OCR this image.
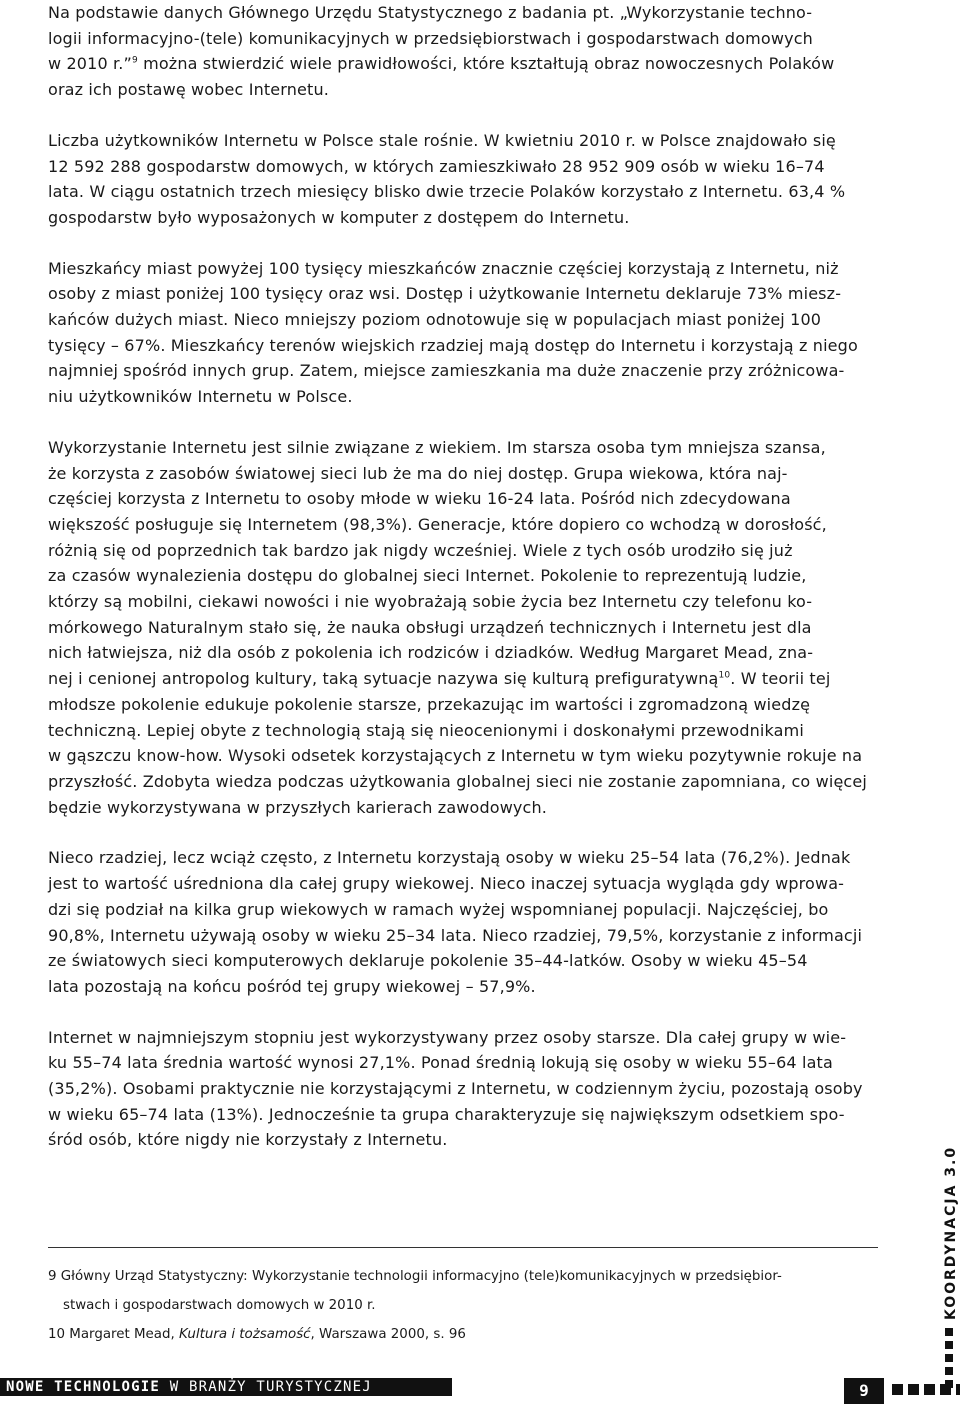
Na podstawie danych Głównego Urzędu Statystycznego z badania pt. „Wykorzystanie techno-
logii informacyjno-(tele) komunikacyjnych w przedsiębiorstwach i gospodarstwach domowych
w 2010 r.”$^9$ można stwierdzić wiele prawidłowości, które kształtują obraz nowoczesnych Polaków
oraz ich postawę wobec Internetu.

Liczba użytkowników Internetu w Polsce stale rośnie. W kwietniu 2010 r. w Polsce znajdowało się
12 592 288 gospodarstw domowych, w których zamieszkiwało 28 952 909 osób w wieku 16–74
lata. W ciągu ostatnich trzech miesięcy blisko dwie trzecie Polaków korzystało z Internetu. 63,4 %
gospodarstw było wyposażonych w komputer z dostępem do Internetu.

Mieszkańcy miast powyżej 100 tysięcy mieszkańców znacznie częściej korzystają z Internetu, niż
osoby z miast poniżej 100 tysięcy oraz wsi. Dostęp i użytkowanie Internetu deklaruje 73% miesz-
kańców dużych miast. Nieco mniejszy poziom odnotowuje się w populacjach miast poniżej 100
tysięcy – 67%. Mieszkańcy terenów wiejskich rzadziej mają dostęp do Internetu i korzystają z niego
najmniej spośród innych grup. Zatem, miejsce zamieszkania ma duże znaczenie przy zróżnicowa-
niu użytkowników Internetu w Polsce.

Wykorzystanie Internetu jest silnie związane z wiekiem. Im starsza osoba tym mniejsza szansa,
że korzysta z zasobów światowej sieci lub że ma do niej dostęp. Grupa wiekowa, która naj-
częściej korzysta z Internetu to osoby młode w wieku 16-24 lata. Pośród nich zdecydowana
większość posługuje się Internetem (98,3%). Generacje, które dopiero co wchodzą w dorosłość,
różnią się od poprzednich tak bardzo jak nigdy wcześniej. Wiele z tych osób urodziło się już
za czasów wynalezienia dostępu do globalnej sieci Internet. Pokolenie to reprezentują ludzie,
którzy są mobilni, ciekawi nowości i nie wyobrażają sobie życia bez Internetu czy telefonu ko-
mórkowego Naturalnym stało się, że nauka obsługi urządzeń technicznych i Internetu jest dla
nich łatwiejsza, niż dla osób z pokolenia ich rodziców i dziadków. Według Margaret Mead, zna-
nej i cenionej antropolog kultury, taką sytuacje nazywa się kulturą prefiguratywną$^{10}$. W teorii tej
młodsze pokolenie edukuje pokolenie starsze, przekazując im wartości i zgromadzoną wiedzę
techniczną. Lepiej obyte z technologią stają się nieocenionymi i doskonałymi przewodnikami
w gąszczu know-how. Wysoki odsetek korzystających z Internetu w tym wieku pozytywnie rokuje na
przyszłość. Zdobyta wiedza podczas użytkowania globalnej sieci nie zostanie zapomniana, co więcej
będzie wykorzystywana w przyszłych karierach zawodowych.

Nieco rzadziej, lecz wciąż często, z Internetu korzystają osoby w wieku 25–54 lata (76,2%). Jednak
jest to wartość uśredniona dla całej grupy wiekowej. Nieco inaczej sytuacja wygląda gdy wprowa-
dzi się podział na kilka grup wiekowych w ramach wyżej wspomnianej populacji. Najczęściej, bo
90,8%, Internetu używają osoby w wieku 25–34 lata. Nieco rzadziej, 79,5%, korzystanie z informacji
ze światowych sieci komputerowych deklaruje pokolenie 35–44-latków. Osoby w wieku 45–54
lata pozostają na końcu pośród tej grupy wiekowej – 57,9%.

Internet w najmniejszym stopniu jest wykorzystywany przez osoby starsze. Dla całej grupy w wie-
ku 55–74 lata średnia wartość wynosi 27,1%. Ponad średnią lokują się osoby w wieku 55–64 lata
(35,2%). Osobami praktycznie nie korzystającymi z Internetu, w codziennym życiu, pozostają osoby
w wieku 65–74 lata (13%). Jednocześnie ta grupa charakteryzuje się największym odsetkiem spo-
śród osób, które nigdy nie korzystały z Internetu.

9 Główny Urząd Statystyczny: Wykorzystanie technologii informacyjno (tele)komunikacyjnych w przedsiębior-
stwach i gospodarstwach domowych w 2010 r.
10 Margaret Mead, Kultura i tożsamość, Warszawa 2000, s. 96
KOORDYNACJA 3.0
NOWE TECHNOLOGIE W BRANŻY TURYSTYCZNEJ	9
